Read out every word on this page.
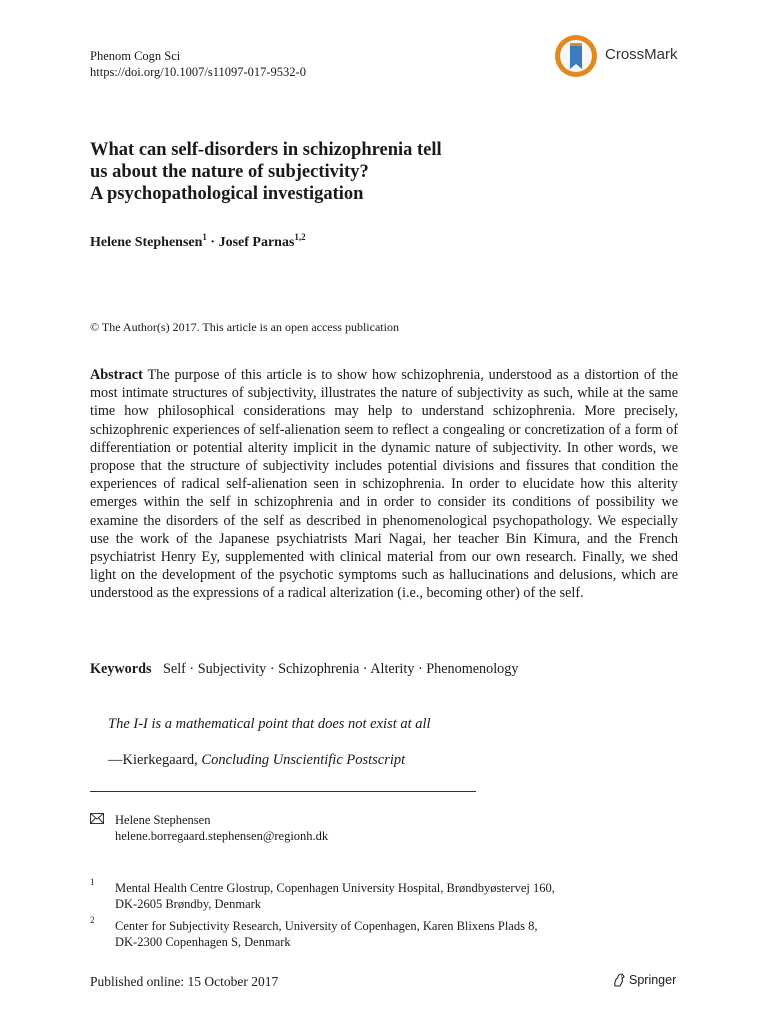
Phenom Cogn Sci
https://doi.org/10.1007/s11097-017-9532-0
CrossMark
What can self-disorders in schizophrenia tell
us about the nature of subjectivity?
A psychopathological investigation
Helene Stephensen$^1$ · Josef Parnas$^{1,2}$
© The Author(s) 2017. This article is an open access publication
Abstract The purpose of this article is to show how schizophrenia, understood as a distortion of the most intimate structures of subjectivity, illustrates the nature of subjectivity as such, while at the same time how philosophical considerations may help to understand schizophrenia. More precisely, schizophrenic experiences of self-alienation seem to reflect a congealing or concretization of a form of differentiation or potential alterity implicit in the dynamic nature of subjectivity. In other words, we propose that the structure of subjectivity includes potential divisions and fissures that condition the experiences of radical self-alienation seen in schizophrenia. In order to elucidate how this alterity emerges within the self in schizophrenia and in order to consider its conditions of possibility we examine the disorders of the self as described in phenomenological psychopathology. We especially use the work of the Japanese psychiatrists Mari Nagai, her teacher Bin Kimura, and the French psychiatrist Henry Ey, supplemented with clinical material from our own research. Finally, we shed light on the development of the psychotic symptoms such as hallucinations and delusions, which are understood as the expressions of a radical alterization (i.e., becoming other) of the self.
Keywords Self · Subjectivity · Schizophrenia · Alterity · Phenomenology
The I-I is a mathematical point that does not exist at all
—Kierkegaard, Concluding Unscientific Postscript
Helene Stephensen
helene.borregaard.stephensen@regionh.dk
1 Mental Health Centre Glostrup, Copenhagen University Hospital, Brøndbyøstervej 160,
DK-2605 Brøndby, Denmark
2 Center for Subjectivity Research, University of Copenhagen, Karen Blixens Plads 8,
DK-2300 Copenhagen S, Denmark
Published online: 15 October 2017	Springer
